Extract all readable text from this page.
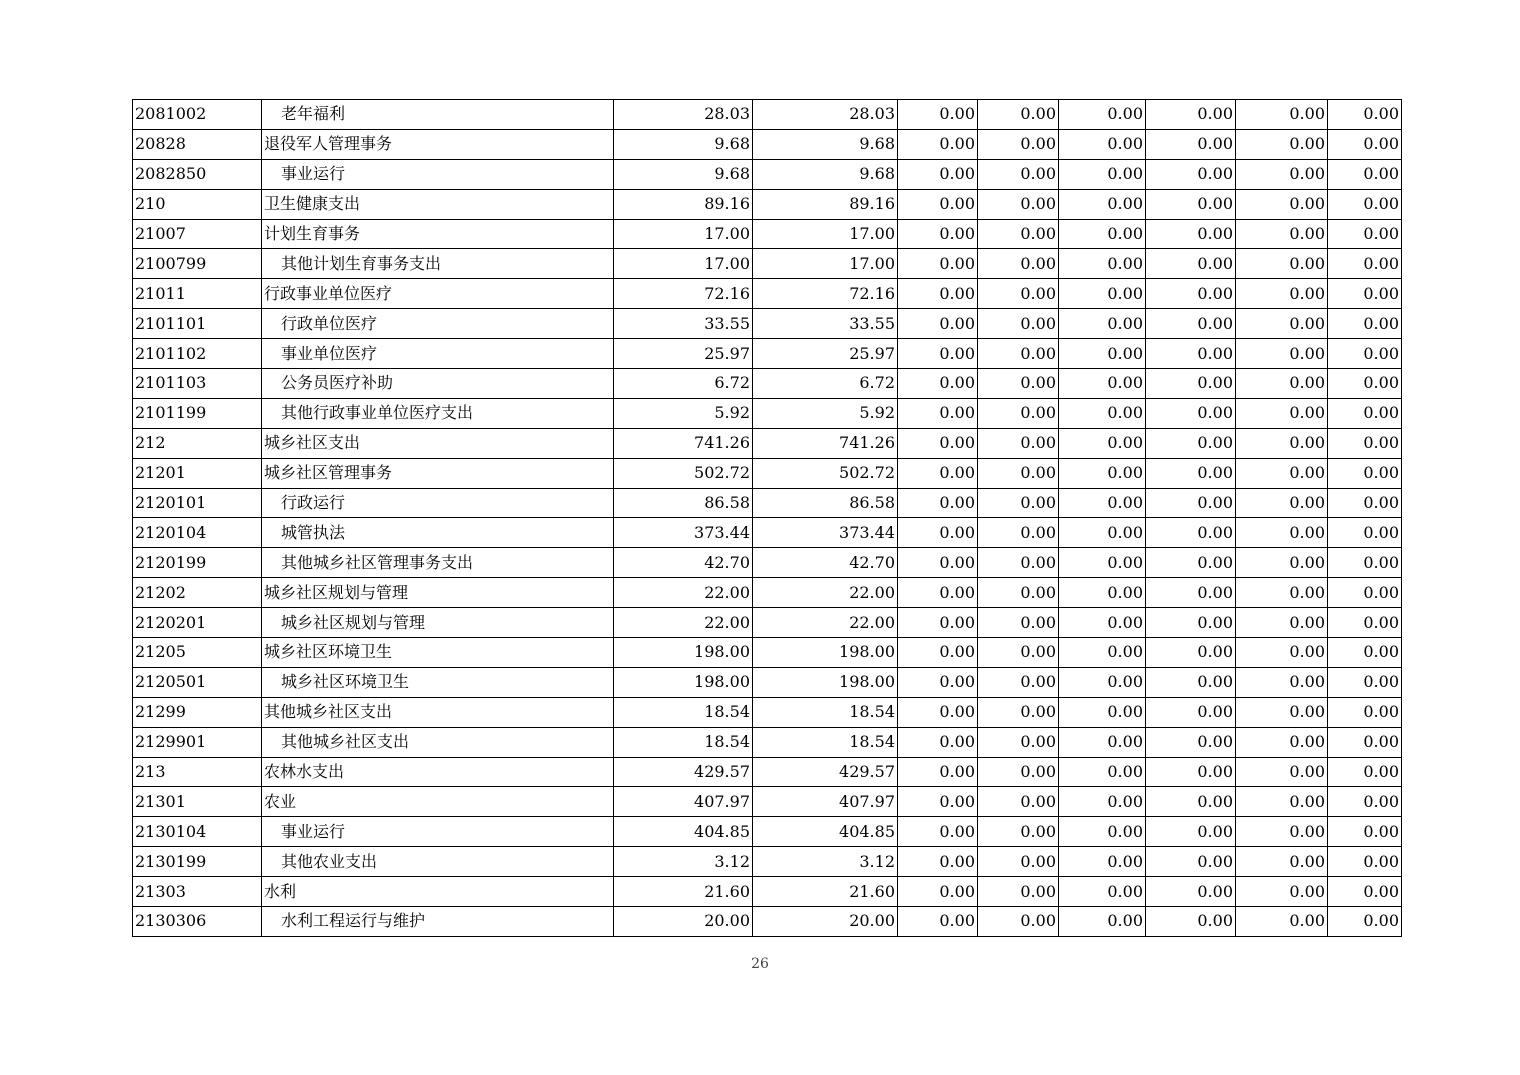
2081002	老年福利	28.03	28.03	0.00	0.00	0.00	0.00	0.00	0.00
20828	退役军人管理事务	9.68	9.68	0.00	0.00	0.00	0.00	0.00	0.00
2082850	事业运行	9.68	9.68	0.00	0.00	0.00	0.00	0.00	0.00
210	卫生健康支出	89.16	89.16	0.00	0.00	0.00	0.00	0.00	0.00
21007	计划生育事务	17.00	17.00	0.00	0.00	0.00	0.00	0.00	0.00
2100799	其他计划生育事务支出	17.00	17.00	0.00	0.00	0.00	0.00	0.00	0.00
21011	行政事业单位医疗	72.16	72.16	0.00	0.00	0.00	0.00	0.00	0.00
2101101	行政单位医疗	33.55	33.55	0.00	0.00	0.00	0.00	0.00	0.00
2101102	事业单位医疗	25.97	25.97	0.00	0.00	0.00	0.00	0.00	0.00
2101103	公务员医疗补助	6.72	6.72	0.00	0.00	0.00	0.00	0.00	0.00
2101199	其他行政事业单位医疗支出	5.92	5.92	0.00	0.00	0.00	0.00	0.00	0.00
212	城乡社区支出	741.26	741.26	0.00	0.00	0.00	0.00	0.00	0.00
21201	城乡社区管理事务	502.72	502.72	0.00	0.00	0.00	0.00	0.00	0.00
2120101	行政运行	86.58	86.58	0.00	0.00	0.00	0.00	0.00	0.00
2120104	城管执法	373.44	373.44	0.00	0.00	0.00	0.00	0.00	0.00
2120199	其他城乡社区管理事务支出	42.70	42.70	0.00	0.00	0.00	0.00	0.00	0.00
21202	城乡社区规划与管理	22.00	22.00	0.00	0.00	0.00	0.00	0.00	0.00
2120201	城乡社区规划与管理	22.00	22.00	0.00	0.00	0.00	0.00	0.00	0.00
21205	城乡社区环境卫生	198.00	198.00	0.00	0.00	0.00	0.00	0.00	0.00
2120501	城乡社区环境卫生	198.00	198.00	0.00	0.00	0.00	0.00	0.00	0.00
21299	其他城乡社区支出	18.54	18.54	0.00	0.00	0.00	0.00	0.00	0.00
2129901	其他城乡社区支出	18.54	18.54	0.00	0.00	0.00	0.00	0.00	0.00
213	农林水支出	429.57	429.57	0.00	0.00	0.00	0.00	0.00	0.00
21301	农业	407.97	407.97	0.00	0.00	0.00	0.00	0.00	0.00
2130104	事业运行	404.85	404.85	0.00	0.00	0.00	0.00	0.00	0.00
2130199	其他农业支出	3.12	3.12	0.00	0.00	0.00	0.00	0.00	0.00
21303	水利	21.60	21.60	0.00	0.00	0.00	0.00	0.00	0.00
2130306	水利工程运行与维护	20.00	20.00	0.00	0.00	0.00	0.00	0.00	0.00
26
